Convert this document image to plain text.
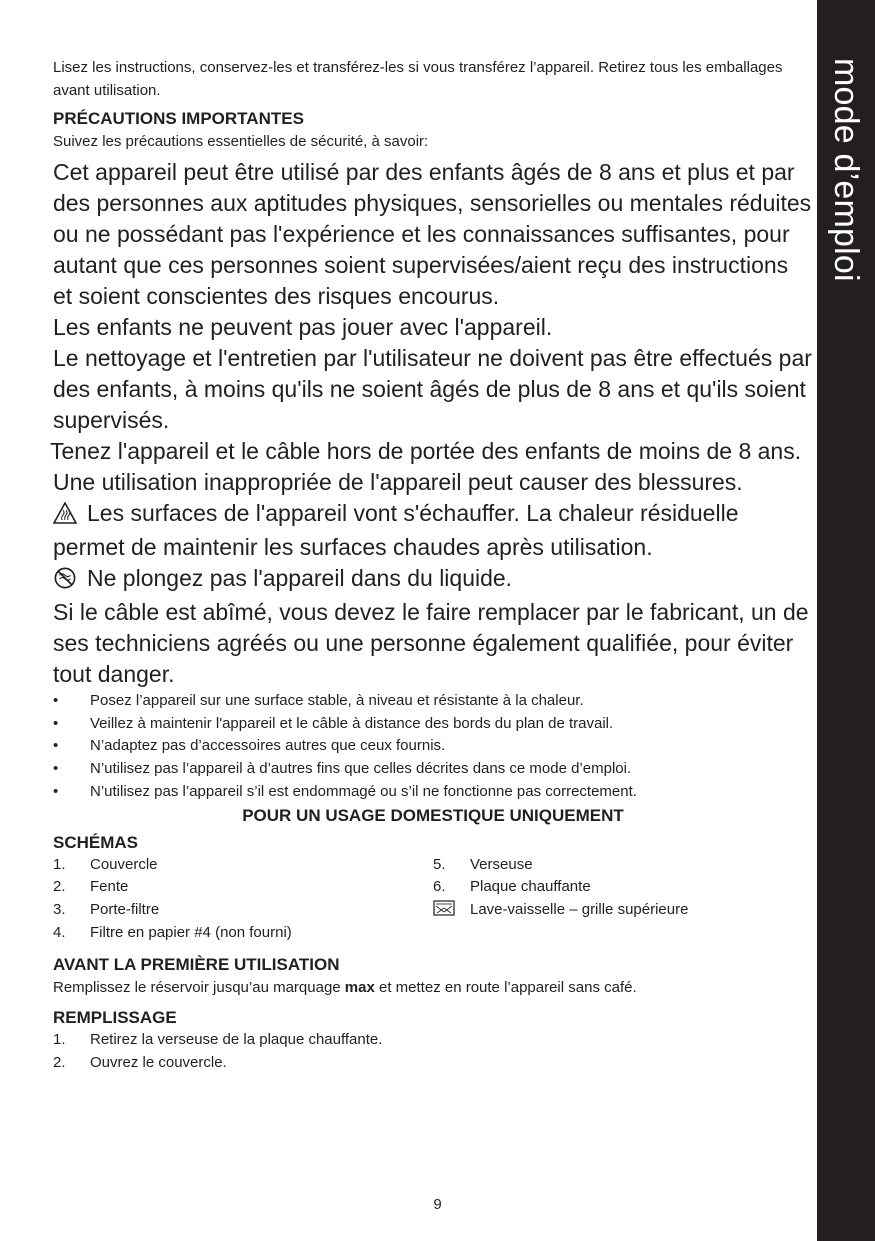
mode d’emploi
Lisez les instructions, conservez-les et transférez-les si vous transférez l’appareil. Retirez tous les emballages avant utilisation.
PRÉCAUTIONS IMPORTANTES
Suivez les précautions essentielles de sécurité, à savoir:
Cet appareil peut être utilisé par des enfants âgés de 8 ans et plus et par des personnes aux aptitudes physiques, sensorielles ou mentales réduites ou ne possédant pas l'expérience et les connaissances suffisantes, pour autant que ces personnes soient supervisées/aient reçu des instructions et soient conscientes des risques encourus.
Les enfants ne peuvent pas jouer avec l'appareil.
Le nettoyage et l'entretien par l'utilisateur ne doivent pas être effectués par des enfants, à moins qu'ils ne soient âgés de plus de 8 ans et qu'ils soient supervisés.
Tenez l'appareil et le câble hors de portée des enfants de moins de 8 ans.
Une utilisation inappropriée de l'appareil peut causer des blessures.
Les surfaces de l'appareil vont s'échauffer. La chaleur résiduelle permet de maintenir les surfaces chaudes après utilisation.
Ne plongez pas l'appareil dans du liquide.
Si le câble est abîmé, vous devez le faire remplacer par le fabricant, un de ses techniciens agréés ou une personne également qualifiée, pour éviter tout danger.
• Posez l’appareil sur une surface stable, à niveau et résistante à la chaleur.
• Veillez à maintenir l'appareil et le câble à distance des bords du plan de travail.
• N’adaptez pas d’accessoires autres que ceux fournis.
• N’utilisez pas l’appareil à d’autres fins que celles décrites dans ce mode d’emploi.
• N’utilisez pas l’appareil s’il est endommagé ou s’il ne fonctionne pas correctement.
POUR UN USAGE DOMESTIQUE UNIQUEMENT
SCHÉMAS
1.	Couvercle
2.	Fente
3.	Porte-filtre
4.	Filtre en papier #4 (non fourni)
5.	Verseuse
6.	Plaque chauffante
Lave-vaisselle – grille supérieure
AVANT LA PREMIÈRE UTILISATION
Remplissez le réservoir jusqu’au marquage max et mettez en route l’appareil sans café.
REMPLISSAGE
1.	Retirez la verseuse de la plaque chauffante.
2.	Ouvrez le couvercle.
9
